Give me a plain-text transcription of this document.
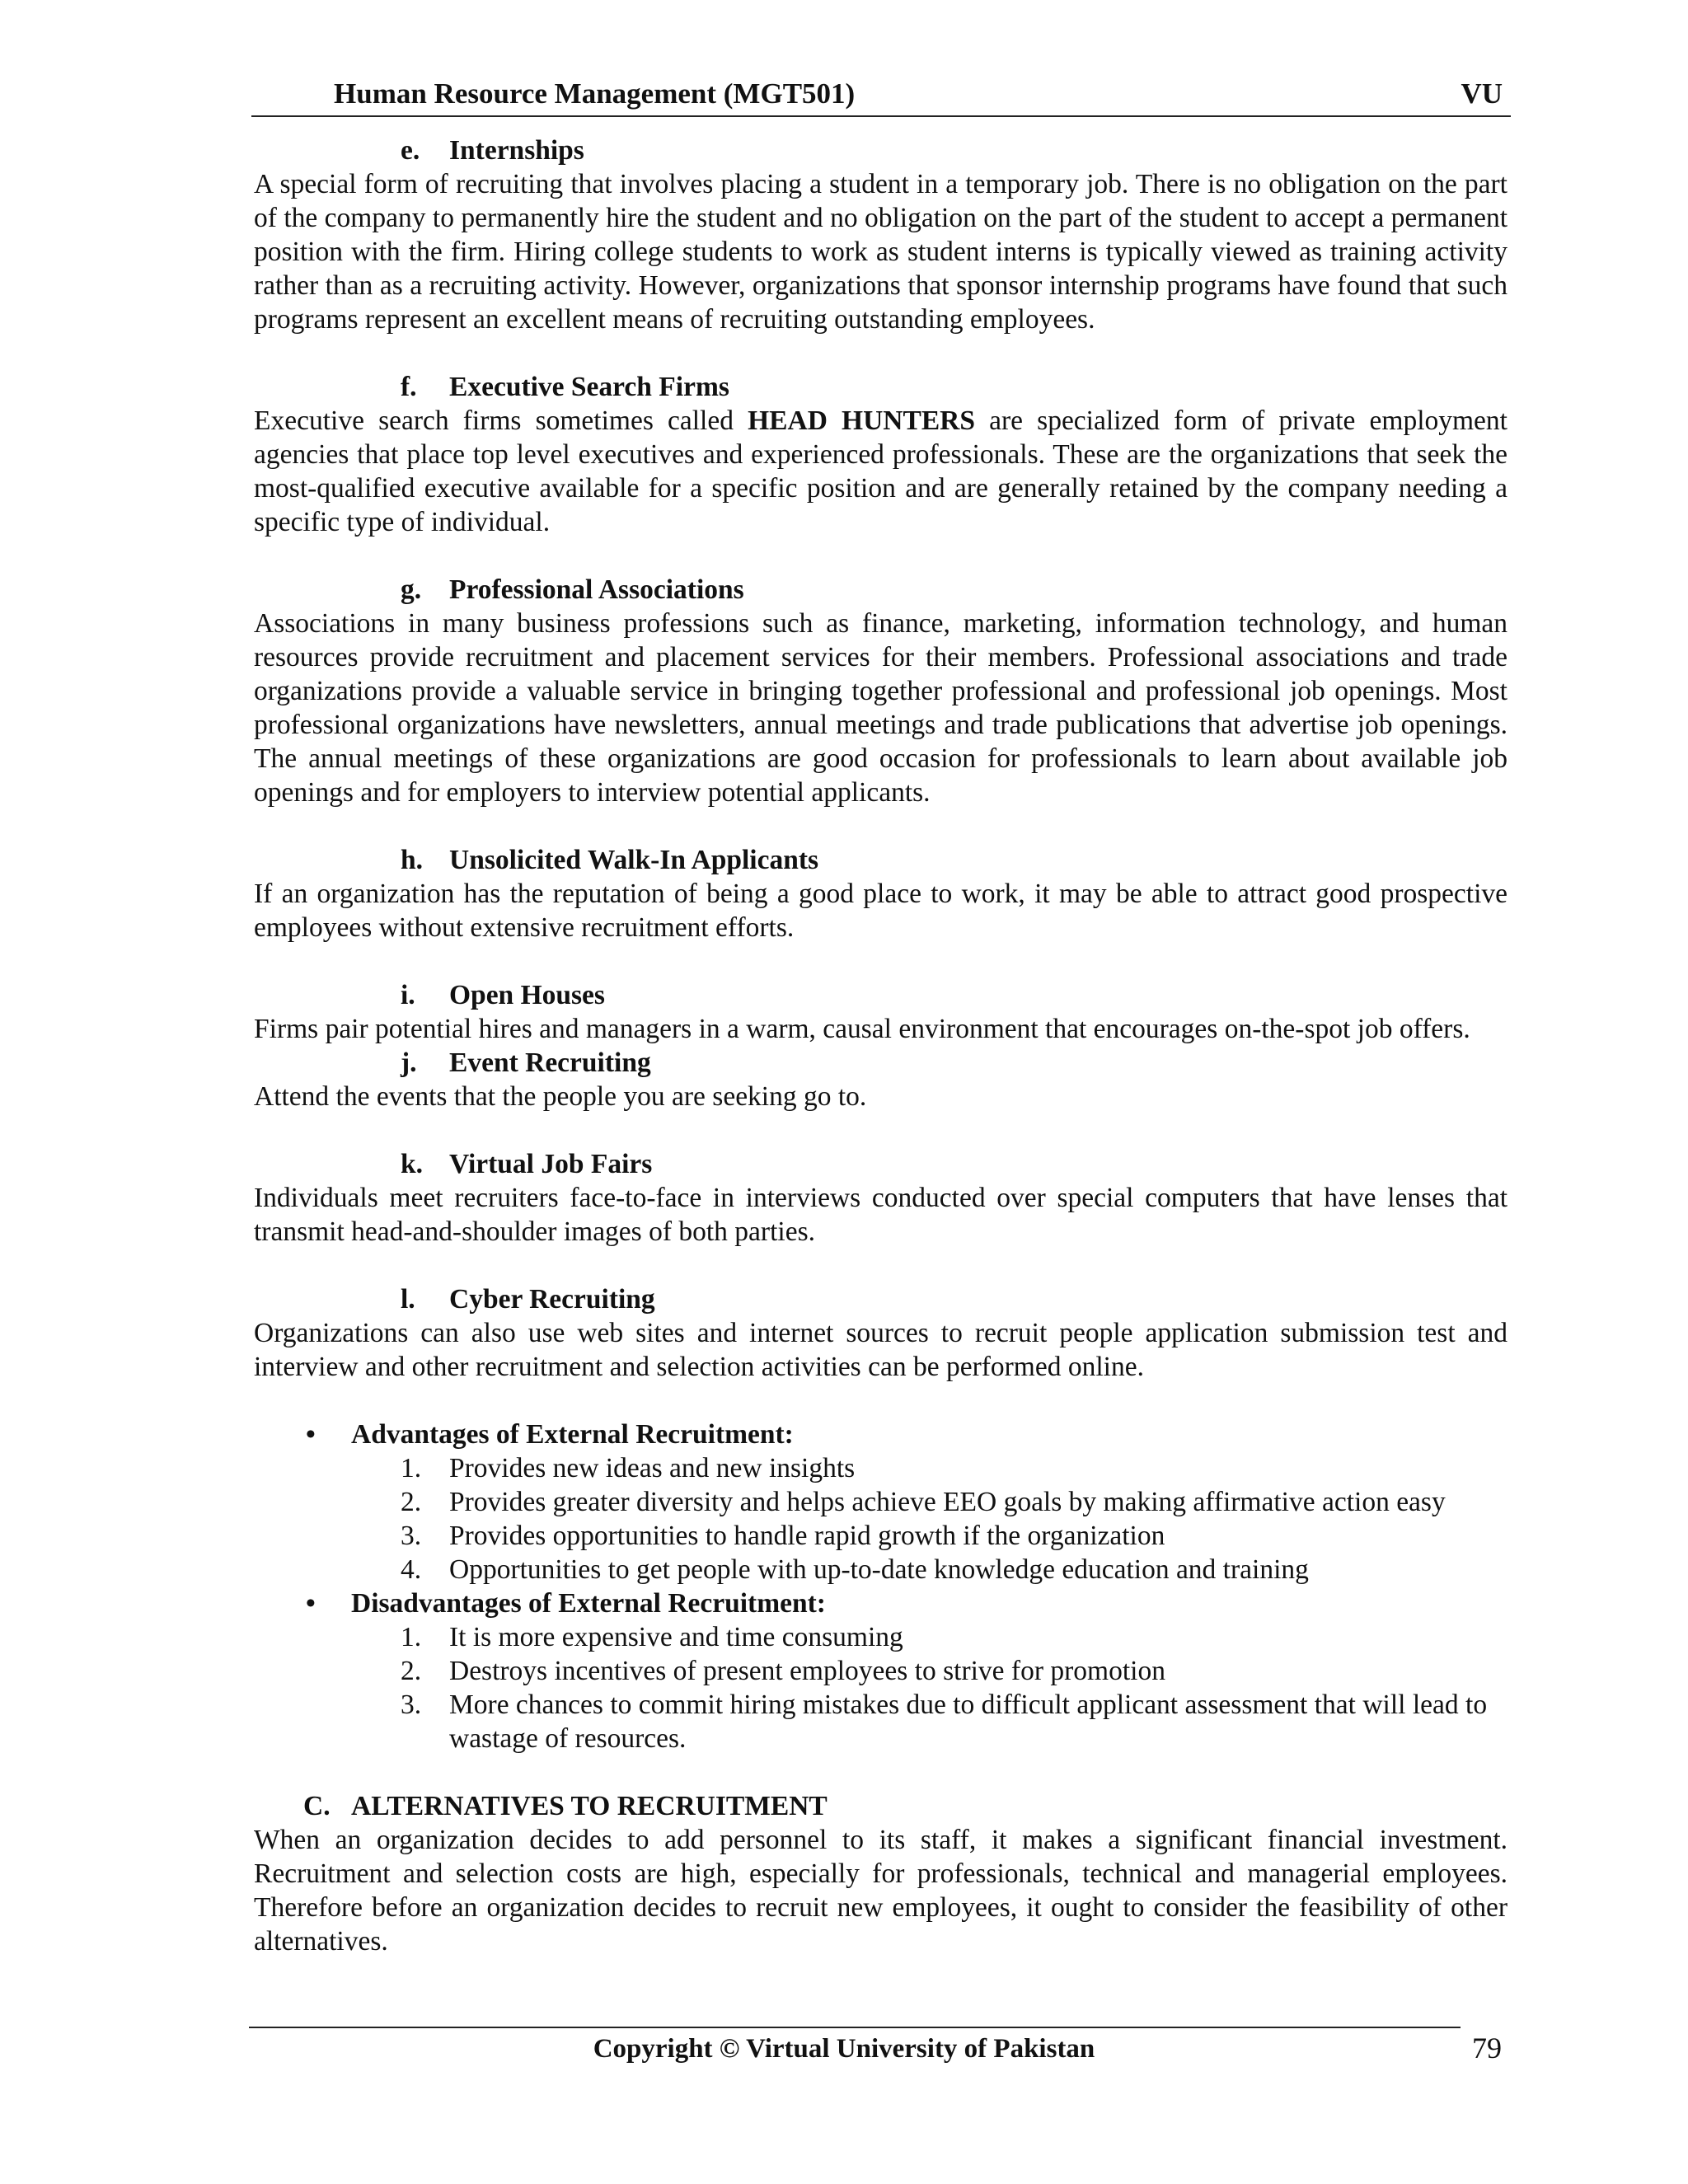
Human Resource Management (MGT501)	VU
e. Internships

A special form of recruiting that involves placing a student in a temporary job. There is no obligation on the part of the company to permanently hire the student and no obligation on the part of the student to accept a permanent position with the firm. Hiring college students to work as student interns is typically viewed as training activity rather than as a recruiting activity. However, organizations that sponsor internship programs have found that such programs represent an excellent means of recruiting outstanding employees.

f. Executive Search Firms

Executive search firms sometimes called HEAD HUNTERS are specialized form of private employment agencies that place top level executives and experienced professionals. These are the organizations that seek the most-qualified executive available for a specific position and are generally retained by the company needing a specific type of individual.

g. Professional Associations

Associations in many business professions such as finance, marketing, information technology, and human resources provide recruitment and placement services for their members. Professional associations and trade organizations provide a valuable service in bringing together professional and professional job openings. Most professional organizations have newsletters, annual meetings and trade publications that advertise job openings. The annual meetings of these organizations are good occasion for professionals to learn about available job openings and for employers to interview potential applicants.

h. Unsolicited Walk-In Applicants

If an organization has the reputation of being a good place to work, it may be able to attract good prospective employees without extensive recruitment efforts.

i. Open Houses

Firms pair potential hires and managers in a warm, causal environment that encourages on-the-spot job offers.

j. Event Recruiting

Attend the events that the people you are seeking go to.

k. Virtual Job Fairs

Individuals meet recruiters face-to-face in interviews conducted over special computers that have lenses that transmit head-and-shoulder images of both parties.

l. Cyber Recruiting

Organizations can also use web sites and internet sources to recruit people application submission test and interview and other recruitment and selection activities can be performed online.

• Advantages of External Recruitment:
1. Provides new ideas and new insights
2. Provides greater diversity and helps achieve EEO goals by making affirmative action easy
3. Provides opportunities to handle rapid growth if the organization
4. Opportunities to get people with up-to-date knowledge education and training
• Disadvantages of External Recruitment:
1. It is more expensive and time consuming
2. Destroys incentives of present employees to strive for promotion
3. More chances to commit hiring mistakes due to difficult applicant assessment that will lead to wastage of resources.
C. ALTERNATIVES TO RECRUITMENT

When an organization decides to add personnel to its staff, it makes a significant financial investment. Recruitment and selection costs are high, especially for professionals, technical and managerial employees. Therefore before an organization decides to recruit new employees, it ought to consider the feasibility of other alternatives.

Copyright © Virtual University of Pakistan	79
